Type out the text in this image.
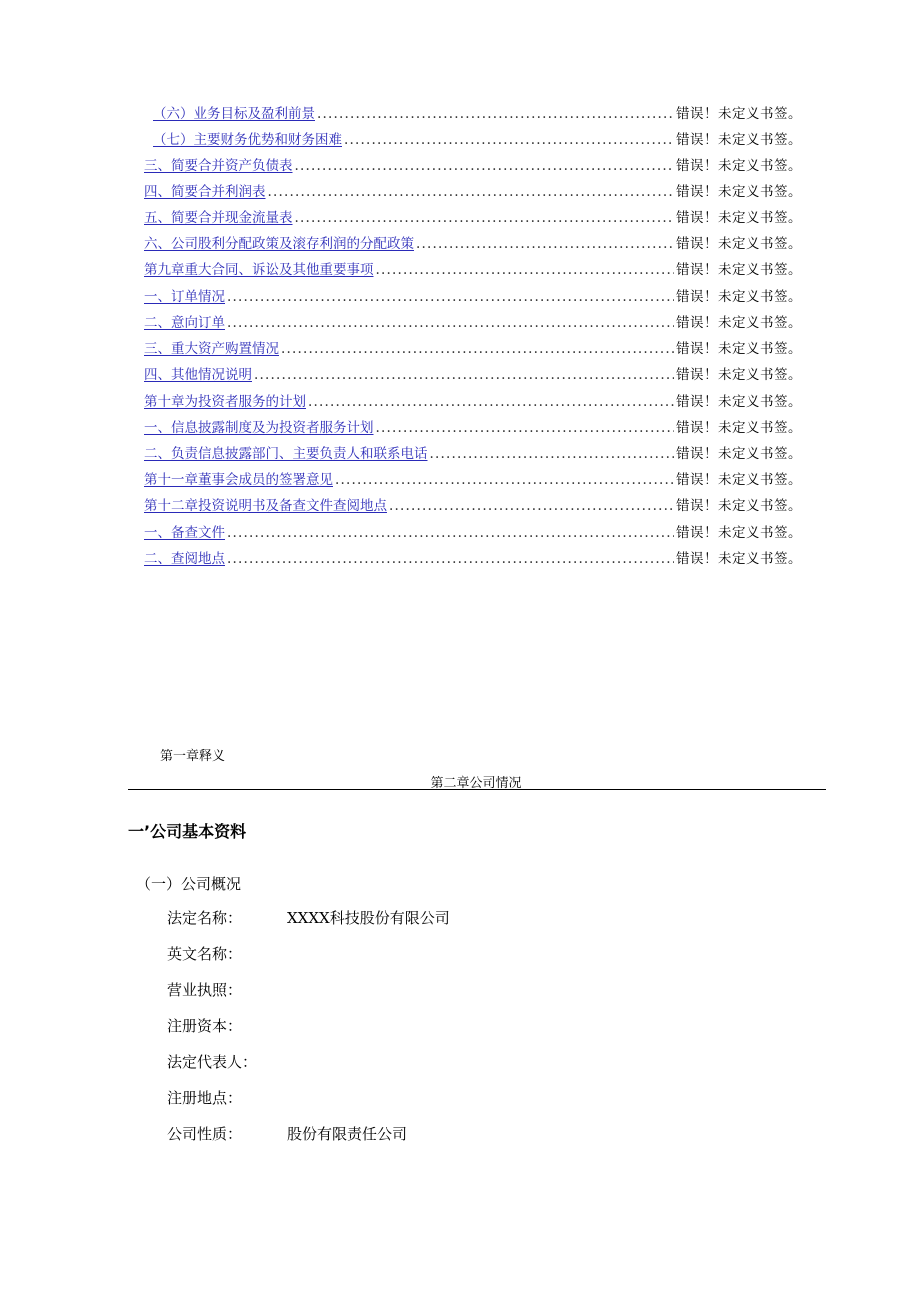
（六）业务目标及盈利前景 .....	错误！未定义书签。
（七）主要财务优势和财务困难 .....	错误！未定义书签。
三、简要合并资产负债表 .....	错误！未定义书签。
四、简要合并利润表 .....	错误！未定义书签。
五、简要合并现金流量表 .....	错误！未定义书签。
六、公司股利分配政策及滚存利润的分配政策 .....	错误！未定义书签。
第九章重大合同、诉讼及其他重要事项 .....	错误！未定义书签。
一、订单情况 .....	错误！未定义书签。
二、意向订单 .....	错误！未定义书签。
三、重大资产购置情况 .....	错误！未定义书签。
四、其他情况说明 .....	错误！未定义书签。
第十章为投资者服务的计划 .....	错误！未定义书签。
一、信息披露制度及为投资者服务计划 .....	错误！未定义书签。
二、负责信息披露部门、主要负责人和联系电话 .....	错误！未定义书签。
第十一章董事会成员的签署意见 .....	错误！未定义书签。
第十二章投资说明书及备查文件查阅地点 .....	错误！未定义书签。
一、备查文件 .....	错误！未定义书签。
二、查阅地点 .....	错误！未定义书签。
第一章释义
第二章公司情况
一’公司基本资料
（一）公司概况
法定名称：	XXXX科技股份有限公司
英文名称：
营业执照：
注册资本：
法定代表人：
注册地点：
公司性质：	股份有限责任公司
